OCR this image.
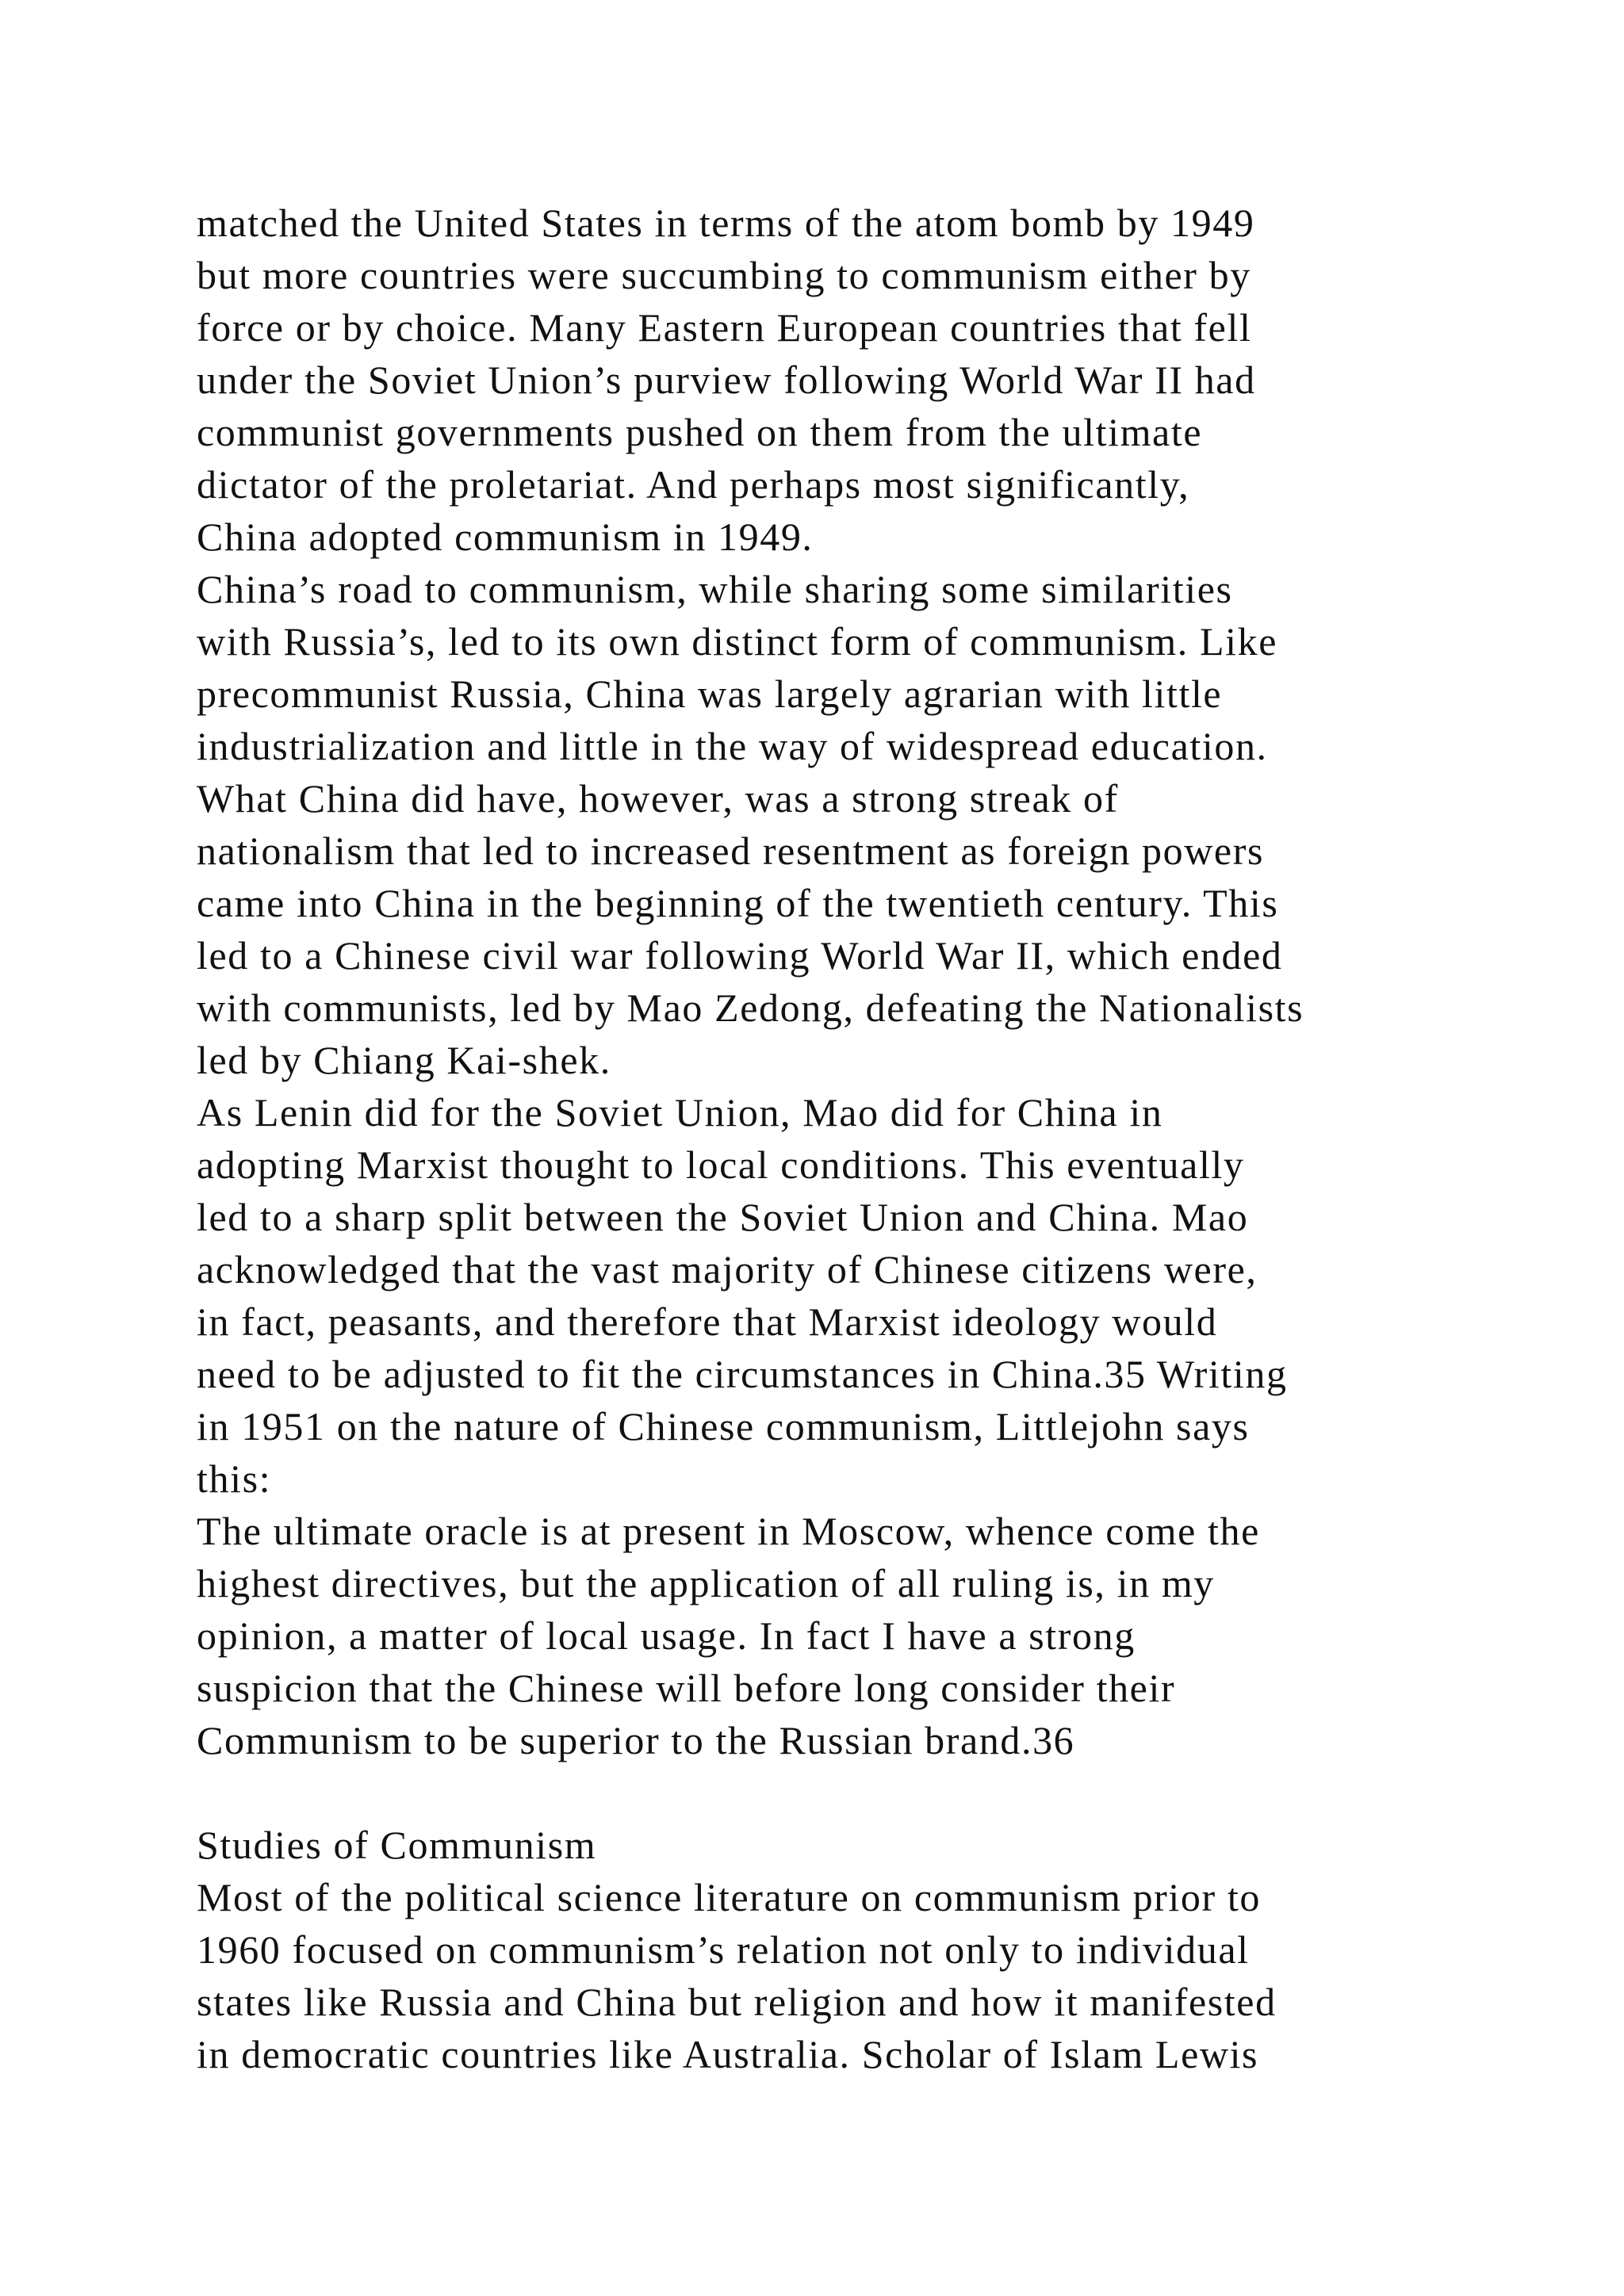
matched the United States in terms of the atom bomb by 1949
but more countries were succumbing to communism either by
force or by choice. Many Eastern European countries that fell
under the Soviet Union’s purview following World War II had
communist governments pushed on them from the ultimate
dictator of the proletariat. And perhaps most significantly,
China adopted communism in 1949.
China’s road to communism, while sharing some similarities
with Russia’s, led to its own distinct form of communism. Like
precommunist Russia, China was largely agrarian with little
industrialization and little in the way of widespread education.
What China did have, however, was a strong streak of
nationalism that led to increased resentment as foreign powers
came into China in the beginning of the twentieth century. This
led to a Chinese civil war following World War II, which ended
with communists, led by Mao Zedong, defeating the Nationalists
led by Chiang Kai-shek.
As Lenin did for the Soviet Union, Mao did for China in
adopting Marxist thought to local conditions. This eventually
led to a sharp split between the Soviet Union and China. Mao
acknowledged that the vast majority of Chinese citizens were,
in fact, peasants, and therefore that Marxist ideology would
need to be adjusted to fit the circumstances in China.35 Writing
in 1951 on the nature of Chinese communism, Littlejohn says
this:
The ultimate oracle is at present in Moscow, whence come the
highest directives, but the application of all ruling is, in my
opinion, a matter of local usage. In fact I have a strong
suspicion that the Chinese will before long consider their
Communism to be superior to the Russian brand.36
Studies of Communism
Most of the political science literature on communism prior to
1960 focused on communism’s relation not only to individual
states like Russia and China but religion and how it manifested
in democratic countries like Australia. Scholar of Islam Lewis
